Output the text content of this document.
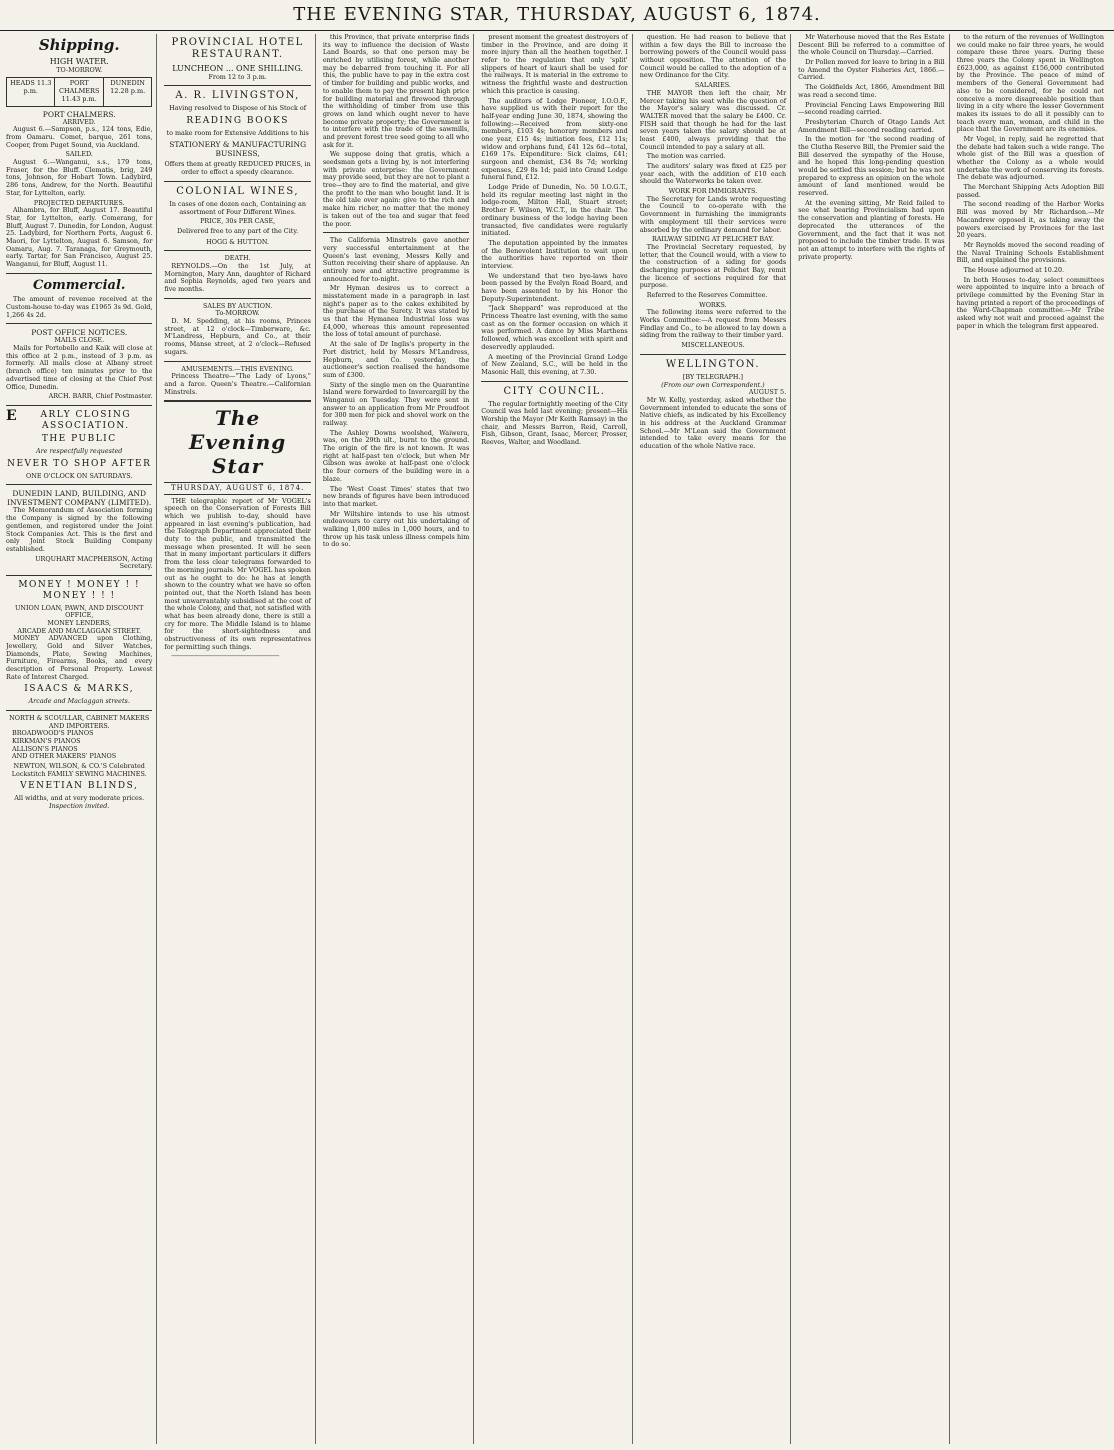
THE EVENING STAR, THURSDAY, AUGUST 6, 1874.
Shipping.
HIGH WATER.
TO-MORROW.
HEADS 11.3 p.m.
PORT CHALMERS 11.43 p.m.
DUNEDIN 12.28 p.m.
PORT CHALMERS.
ARRIVED.

August 6.—Sampson, p.s., 124 tons, Edie, from Oamaru. Comet, barque, 261 tons, Cooper, from Puget Sound, via Auckland.

SAILED.

August 6.—Wanganui, s.s., 179 tons, Fraser, for the Bluff. Clematis, brig, 249 tons, Johnson, for Hobart Town. Ladybird, 286 tons, Andrew, for the North. Beautiful Star, for Lyttelton, early.

PROJECTED DEPARTURES.

Alhambra, for Bluff, August 17. Beautiful Star, for Lyttelton, early. Comerang, for Bluff, August 7. Dunedin, for London, August 25. Ladybird, for Northern Ports, August 6. Maori, for Lyttelton, August 6. Samson, for Oamaru, Aug. 7. Taranaga, for Greymouth, early. Tartar, for San Francisco, August 25. Wanganui, for Bluff, August 11.

Commercial.

The amount of revenue received at the Custom-house to-day was £1965 3s 9d. Gold, 1,266 4s 2d.

POST OFFICE NOTICES.
MAILS CLOSE.

Mails for Portobello and Kaik will close at this office at 2 p.m., instead of 3 p.m. as formerly. All mails close at Albany street (branch office) ten minutes prior to the advertised time of closing at the Chief Post Office, Dunedin.

ARCH. BARR, Chief Postmaster.
EARLY CLOSING ASSOCIATION.
THE PUBLIC
Are respectfully requested
NEVER TO SHOP AFTER
ONE O'CLOCK ON SATURDAYS.
DUNEDIN LAND, BUILDING, AND INVESTMENT COMPANY (LIMITED).

The Memorandum of Association forming the Company is signed by the following gentlemen, and registered under the Joint Stock Companies Act. This is the first and only Joint Stock Building Company established.

URQUHART MACPHERSON, Acting Secretary.
MONEY ! MONEY ! ! MONEY ! ! !
UNION LOAN, PAWN, AND DISCOUNT OFFICE,
MONEY LENDERS,
ARCADE AND MACLAGGAN STREET.

MONEY ADVANCED upon Clothing, Jewellery, Gold and Silver Watches, Diamonds, Plate, Sewing Machines, Furniture, Firearms, Books, and every description of Personal Property. Lowest Rate of Interest Charged.

ISAACS & MARKS,
Arcade and Maclaggan streets.
NORTH & SCOULLAR, CABINET MAKERS AND IMPORTERS.
BROADWOOD'S PIANOS
KIRKMAN'S PIANOS
ALLISON'S PIANOS
AND OTHER MAKERS' PIANOS
NEWTON, WILSON, & CO.'S Celebrated Lockstitch FAMILY SEWING MACHINES.
VENETIAN BLINDS,
All widths, and at very moderate prices.
Inspection invited.
PROVINCIAL HOTEL RESTAURANT.
LUNCHEON ... ONE SHILLING.
From 12 to 3 p.m.
A. R. LIVINGSTON,
Having resolved to Dispose of his Stock of
READING BOOKS
to make room for Extensive Additions to his
STATIONERY & MANUFACTURING BUSINESS,
Offers them at greatly REDUCED PRICES, in order to effect a speedy clearance.
COLONIAL WINES,
In cases of one dozen each, Containing an assortment of Four Different Wines.
PRICE, 30s PER CASE,
Delivered free to any part of the City.
HOGG & HUTTON.
DEATH.

REYNOLDS.—On the 1st July, at Mornington, Mary Ann, daughter of Richard and Sophia Reynolds, aged two years and five months.

SALES BY AUCTION.
To-MORROW.

D. M. Spedding, at his rooms, Princes street, at 12 o'clock—Timberware, &c. M'Landress, Hepburn, and Co., at their rooms, Manse street, at 2 o'clock—Refused sugars.

AMUSEMENTS.—THIS EVENING.

Princess Theatre—"The Lady of Lyons," and a farce. Queen's Theatre.—Californian Minstrels.

The Evening Star
THURSDAY, AUGUST 6, 1874.

THE telegraphic report of Mr VOGEL's speech on the Conservation of Forests Bill which we publish to-day, should have appeared in last evening's publication, had the Telegraph Department appreciated their duty to the public, and transmitted the message when presented. It will be seen that in many important particulars it differs from the less clear telegrams forwarded to the morning journals. Mr VOGEL has spoken out as he ought to do: he has at length shown to the country what we have so often pointed out, that the North Island has been most unwarrantably subsidised at the cost of the whole Colony, and that, not satisfied with what has been already done, there is still a cry for more. The Middle Island is to blame for the short-sightedness and obstructiveness of its own representatives for permitting such things.

────────────────────────────

this Province, that private enterprise finds its way to influence the decision of Waste Land Boards, so that one person may be enriched by utilising forest, while another may be debarred from touching it. For all this, the public have to pay in the extra cost of timber for building and public works, and to enable them to pay the present high price for building material and firewood through the withholding of timber from use this grows on land which ought never to have become private property; the Government is to interfere with the trade of the sawmills, and prevent forest tree seed going to all who ask for it.

We suppose doing that gratis, which a seedsman gets a living by, is not interfering with private enterprise: the Government may provide seed, but they are not to plant a tree—they are to find the material, and give the profit to the man who bought land. It is the old tale over again: give to the rich and make him richer, no matter that the money is taken out of the tea and sugar that feed the poor.

The California Minstrels gave another very successful entertainment at the Queen's last evening, Messrs Kelly and Sutton receiving their share of applause. An entirely new and attractive programme is announced for to-night.

Mr Hyman desires us to correct a misstatement made in a paragraph in last night's paper as to the cakes exhibited by the purchase of the Surety. It was stated by us that the Hymanea Industrial loss was £4,000, whereas this amount represented the loss of total amount of purchase.

At the sale of Dr Inglis's property in the Port district, held by Messrs M'Landress, Hepburn, and Co. yesterday, the auctioneer's section realised the handsome sum of £300.

Sixty of the single men on the Quarantine Island were forwarded to Invercargill by the Wanganui on Tuesday. They were sent in answer to an application from Mr Proudfoot for 300 men for pick and shovel work on the railway.

The Ashley Downs woolshed, Waiwera, was, on the 29th ult., burnt to the ground. The origin of the fire is not known. It was right at half-past ten o'clock, but when Mr Gibson was awoke at half-past one o'clock the four corners of the building were in a blaze.

The 'West Coast Times' states that two new brands of figures have been introduced into that market.

Mr Wiltshire intends to use his utmost endeavours to carry out his undertaking of walking 1,000 miles in 1,000 hours, and to throw up his task unless illness compels him to do so.

present moment the greatest destroyers of timber in the Province, and are doing it more injury than all the heathen together. I refer to the regulation that only 'split' slippers of heart of kauri shall be used for the railways. It is material in the extreme to witness the frightful waste and destruction which this practice is causing.

The auditors of Lodge Pioneer, I.O.O.F., have supplied us with their report for the half-year ending June 30, 1874, showing the following:—Received from sixty-one members, £103 4s; honorary members and one year, £15 4s; initiation fees, £12 11s; widow and orphans fund, £41 12s 6d—total, £169 17s. Expenditure: Sick claims, £41; surgeon and chemist, £34 8s 7d; working expenses, £29 8s 1d; paid into Grand Lodge funeral fund, £12.

Lodge Pride of Dunedin, No. 50 I.O.G.T., held its regular meeting last night in the lodge-room, Milton Hall, Stuart street; Brother F. Wilson, W.C.T., in the chair. The ordinary business of the lodge having been transacted, five candidates were regularly initiated.

The deputation appointed by the inmates of the Benevolent Institution to wait upon the authorities have reported on their interview.

We understand that two bye-laws have been passed by the Evelyn Road Board, and have been assented to by his Honor the Deputy-Superintendent.

"Jack Sheppard" was reproduced at the Princess Theatre last evening, with the same cast as on the former occasion on which it was performed. A dance by Miss Marthens followed, which was excellent with spirit and deservedly applauded.

A meeting of the Provincial Grand Lodge of New Zealand, S.C., will be held in the Masonic Hall, this evening, at 7.30.

CITY COUNCIL.

The regular fortnightly meeting of the City Council was held last evening; present—His Worship the Mayor (Mr Keith Ramsay) in the chair, and Messrs Barron, Reid, Carroll, Fish, Gibson, Grant, Isaac, Mercer, Prosser, Reeves, Walter, and Woodland.

question. He had reason to believe that within a few days the Bill to increase the borrowing powers of the Council would pass without opposition. The attention of the Council would be called to the adoption of a new Ordinance for the City.

SALARIES.

THE MAYOR then left the chair, Mr Mercer taking his seat while the question of the Mayor's salary was discussed. Cr. WALTER moved that the salary be £400. Cr. FISH said that though he had for the last seven years taken the salary should be at least £400, always providing that the Council intended to pay a salary at all.

The motion was carried.

The auditors' salary was fixed at £25 per year each, with the addition of £10 each should the Waterworks be taken over.

WORK FOR IMMIGRANTS.

The Secretary for Lands wrote requesting the Council to co-operate with the Government in furnishing the immigrants with employment till their services were absorbed by the ordinary demand for labor.

RAILWAY SIDING AT PELICHET BAY.

The Provincial Secretary requested, by letter, that the Council would, with a view to the construction of a siding for goods discharging purposes at Pelichet Bay, remit the licence of sections required for that purpose.

Referred to the Reserves Committee.

WORKS.

The following items were referred to the Works Committee:—A request from Messrs Findlay and Co., to be allowed to lay down a siding from the railway to their timber yard.

MISCELLANEOUS.
WELLINGTON.
[BY TELEGRAPH.]
(From our own Correspondent.)
AUGUST 5.

Mr W. Kelly, yesterday, asked whether the Government intended to educate the sons of Native chiefs, as indicated by his Excellency in his address at the Auckland Grammar School.—Mr M'Lean said the Government intended to take every means for the education of the whole Native race.

Mr Waterhouse moved that the Res Estate Descent Bill be referred to a committee of the whole Council on Thursday.—Carried.

Dr Pollen moved for leave to bring in a Bill to Amend the Oyster Fisheries Act, 1866.—Carried.

The Goldfields Act, 1866, Amendment Bill was read a second time.

Provincial Fencing Laws Empowering Bill—second reading carried.

Presbyterian Church of Otago Lands Act Amendment Bill—second reading carried.

In the motion for 'the second reading of the Clutha Reserve Bill, the Premier said the Bill deserved the sympathy of the House, and he hoped this long-pending question would be settled this session; but he was not prepared to express an opinion on the whole amount of land mentioned would be reserved.

At the evening sitting, Mr Reid failed to see what bearing Provincialism had upon the conservation and planting of forests. He deprecated the utterances of the Government, and the fact that it was not proposed to include the timber trade. It was not an attempt to interfere with the rights of private property.

to the return of the revenues of Wellington we could make no fair three years, he would compare these three years. During these three years the Colony spent in Wellington £623,000, as against £156,000 contributed by the Province. The peace of mind of members of the General Government had also to be considered, for he could not conceive a more disagreeable position than living in a city where the lesser Government makes its issues to do all it possibly can to teach every man, woman, and child in the place that the Government are its enemies.

Mr Vogel, in reply, said he regretted that the debate had taken such a wide range. The whole gist of the Bill was a question of whether the Colony as a whole would undertake the work of conserving its forests. The debate was adjourned.

The Merchant Shipping Acts Adoption Bill passed.

The second reading of the Harbor Works Bill was moved by Mr Richardson.—Mr Macandrew opposed it, as taking away the powers exercised by Provinces for the last 20 years.

Mr Reynolds moved the second reading of the Naval Training Schools Establishment Bill, and explained the provisions.

The House adjourned at 10.20.

In both Houses to-day, select committees were appointed to inquire into a breach of privilege committed by the Evening Star in having printed a report of the proceedings of the Ward-Chapman committee.—Mr Tribe asked why not wait and proceed against the paper in which the telegram first appeared.
